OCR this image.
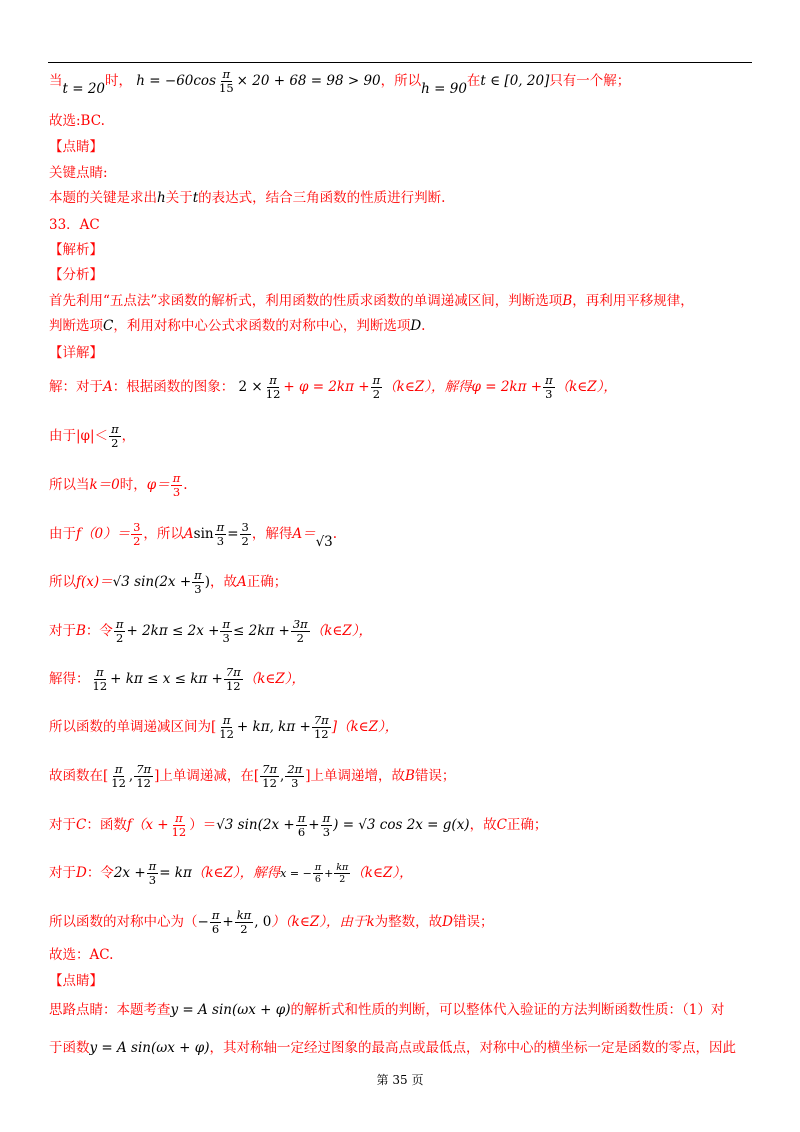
当t = 20时， $h = -60\cos \frac{\pi}{15} \times 20 + 68 = 98 > 90$，所以h = 90在t ∈ [0, 20]只有一个解；
故选:BC.
【点睛】
关键点睛:
本题的关键是求出h关于t的表达式，结合三角函数的性质进行判断.
33．AC
【解析】
【分析】
首先利用“五点法”求函数的解析式，利用函数的性质求函数的单调递减区间，判断选项B，再利用平移规律，
判断选项C，利用对称中心公式求函数的对称中心，判断选项D.
【详解】
解：对于A：根据函数的图象： $2 \times \frac{\pi}{12} + \varphi = 2k\pi + \frac{\pi}{2}$ （k∈Z），解得$\varphi = 2k\pi + \frac{\pi}{3}$ （k∈Z），
由于$|\varphi|< \frac{\pi}{2}$ ，
所以当k＝0时，$\varphi= \frac{\pi}{3}$ .
由于$f(0)= \frac{3}{2}$ ，所以Asin $\frac{\pi}{3} = \frac{3}{2}$ ，解得A＝√3.
所以f(x)＝√3 $\sin(2x + \frac{\pi}{3}$ )，故A正确；
对于B：令 $\frac{\pi}{2} + 2k\pi \le 2x + \frac{\pi}{3} \le 2k\pi + \frac{3\pi}{2}$ （k∈Z），
解得： $\frac{\pi}{12} + k\pi \le x \le k\pi + \frac{7\pi}{12}$ （k∈Z），
所以函数的单调递减区间为[ $\frac{\pi}{12} + k\pi$, $k\pi + \frac{7\pi}{12}$ ]（k∈Z），
故函数在[ $\frac{\pi}{12}$ , $\frac{7\pi}{12}$ ]上单调递减，在[ $\frac{7\pi}{12}$ , $\frac{2\pi}{3}$ ]上单调递增，故B错误；
对于C：函数$f(x + \frac{\pi}{12} )=√3$ $\sin(2x + \frac{\pi}{6} + \frac{\pi}{3}$ ) = √3 cos 2x = g(x)，故C正确；
对于D：令$2x + \frac{\pi}{3}$ = kπ（k∈Z），解得x = − $\frac{\pi}{6} + \frac{k\pi}{2}$ （k∈Z），
所以函数的对称中心为（− $\frac{\pi}{6} + \frac{k\pi}{2}$ , 0）（k∈Z），由于k为整数，故D错误；
故选：AC.
【点睛】
思路点睛：本题考查y = A sin(ωx + φ)的解析式和性质的判断，可以整体代入验证的方法判断函数性质：（1）对
于函数y = A sin(ωx + φ)，其对称轴一定经过图象的最高点或最低点，对称中心的横坐标一定是函数的零点，因此
第 35 页
